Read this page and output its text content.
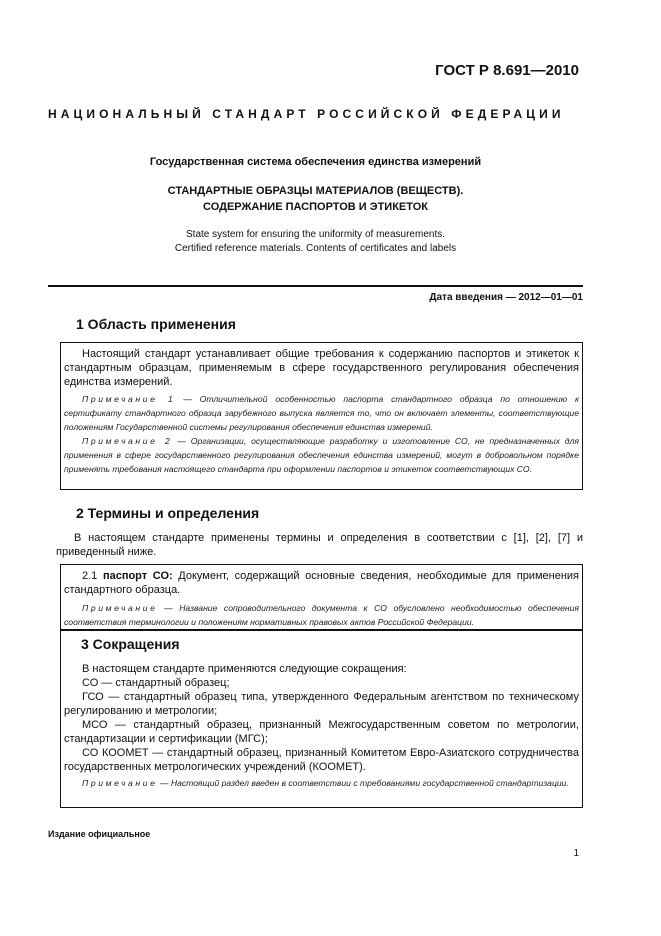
ГОСТ Р 8.691—2010
НАЦИОНАЛЬНЫЙ СТАНДАРТ РОССИЙСКОЙ ФЕДЕРАЦИИ
Государственная система обеспечения единства измерений
СТАНДАРТНЫЕ ОБРАЗЦЫ МАТЕРИАЛОВ (ВЕЩЕСТВ).
СОДЕРЖАНИЕ ПАСПОРТОВ И ЭТИКЕТОК
State system for ensuring the uniformity of measurements.
Certified reference materials. Contents of certificates and labels
Дата введения — 2012—01—01
1 Область применения
Настоящий стандарт устанавливает общие требования к содержанию паспортов и этикеток к стандартным образцам, применяемым в сфере государственного регулирования обеспечения единства измерений.
Примечание 1 — Отличительной особенностью паспорта стандартного образца по отношению к сертификату стандартного образца зарубежного выпуска является то, что он включает элементы, соответствующие положениям Государственной системы регулирования обеспечения единства измерений.
Примечание 2 — Организации, осуществляющие разработку и изготовление СО, не предназначенных для применения в сфере государственного регулирования обеспечения единства измерений, могут в добровольном порядке применять требования настоящего стандарта при оформлении паспортов и этикеток соответствующих СО.
2 Термины и определения
В настоящем стандарте применены термины и определения в соответствии с [1], [2], [7] и приведенный ниже.
2.1 паспорт СО: Документ, содержащий основные сведения, необходимые для применения стандартного образца.
Примечание — Название сопроводительного документа к СО обусловлено необходимостью обеспечения соответствия терминологии и положениям нормативных правовых актов Российской Федерации.
3 Сокращения
В настоящем стандарте применяются следующие сокращения:
СО — стандартный образец;
ГСО — стандартный образец типа, утвержденного Федеральным агентством по техническому регулированию и метрологии;
МСО — стандартный образец, признанный Межгосударственным советом по метрологии, стандартизации и сертификации (МГС);
СО КООМЕТ — стандартный образец, признанный Комитетом Евро-Азиатского сотрудничества государственных метрологических учреждений (КООМЕТ).
Примечание — Настоящий раздел введен в соответствии с требованиями государственной стандартизации.
Издание официальное
1
